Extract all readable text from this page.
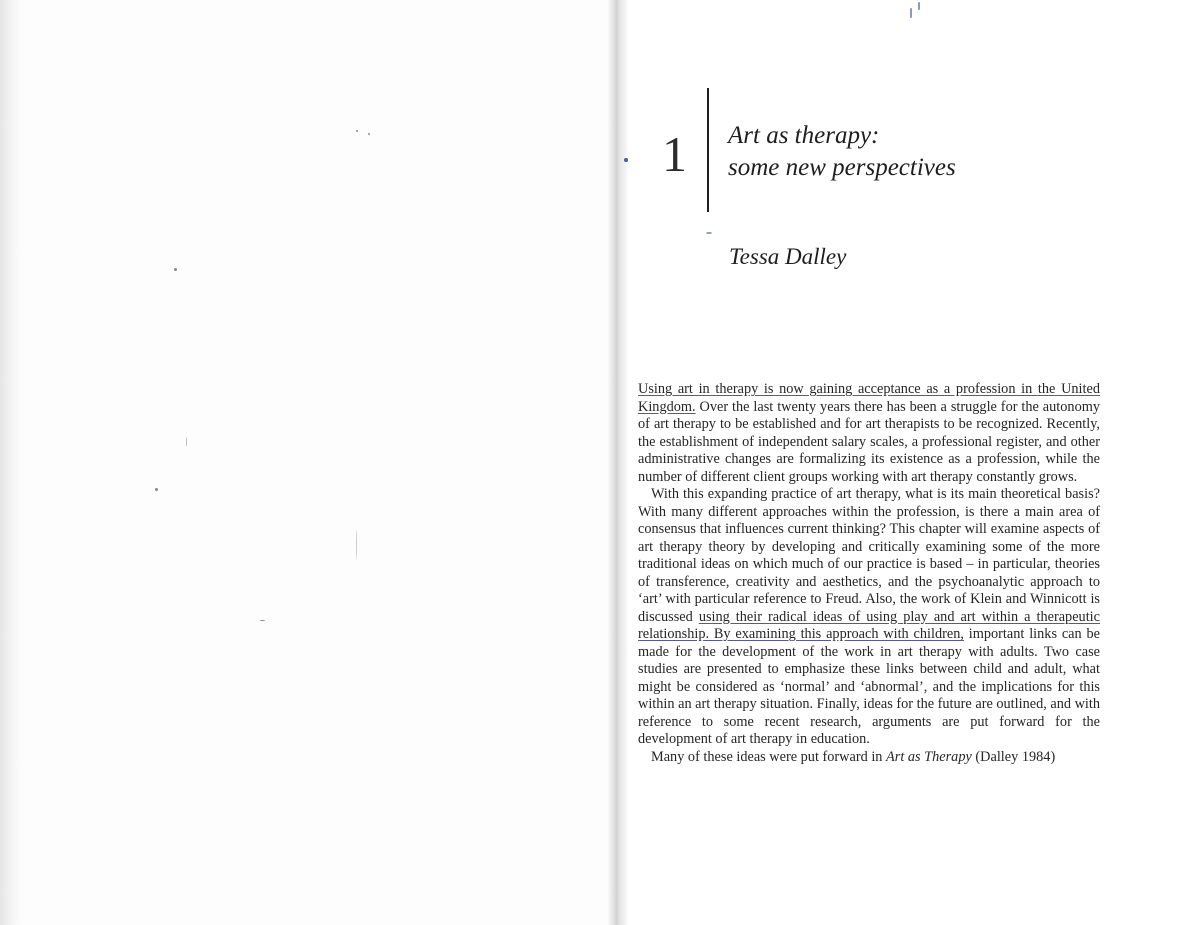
1 Art as therapy:
some new perspectives
Tessa Dalley

Using art in therapy is now gaining acceptance as a profession in the United Kingdom. Over the last twenty years there has been a struggle for the autonomy of art therapy to be established and for art therapists to be recognized. Recently, the establishment of independent salary scales, a professional register, and other administrative changes are formalizing its existence as a profession, while the number of different client groups working with art therapy constantly grows.

With this expanding practice of art therapy, what is its main theoretical basis? With many different approaches within the profession, is there a main area of consensus that influences current thinking? This chapter will examine aspects of art therapy theory by developing and critically examining some of the more traditional ideas on which much of our practice is based – in particular, theories of transference, creativity and aesthetics, and the psychoanalytic approach to ‘art’ with particular reference to Freud. Also, the work of Klein and Winnicott is discussed using their radical ideas of using play and art within a therapeutic relationship. By examining this approach with children, important links can be made for the development of the work in art therapy with adults. Two case studies are presented to emphasize these links between child and adult, what might be considered as ‘normal’ and ‘abnormal’, and the implications for this within an art therapy situation. Finally, ideas for the future are outlined, and with reference to some recent research, arguments are put forward for the development of art therapy in education.

Many of these ideas were put forward in Art as Therapy (Dalley 1984)
